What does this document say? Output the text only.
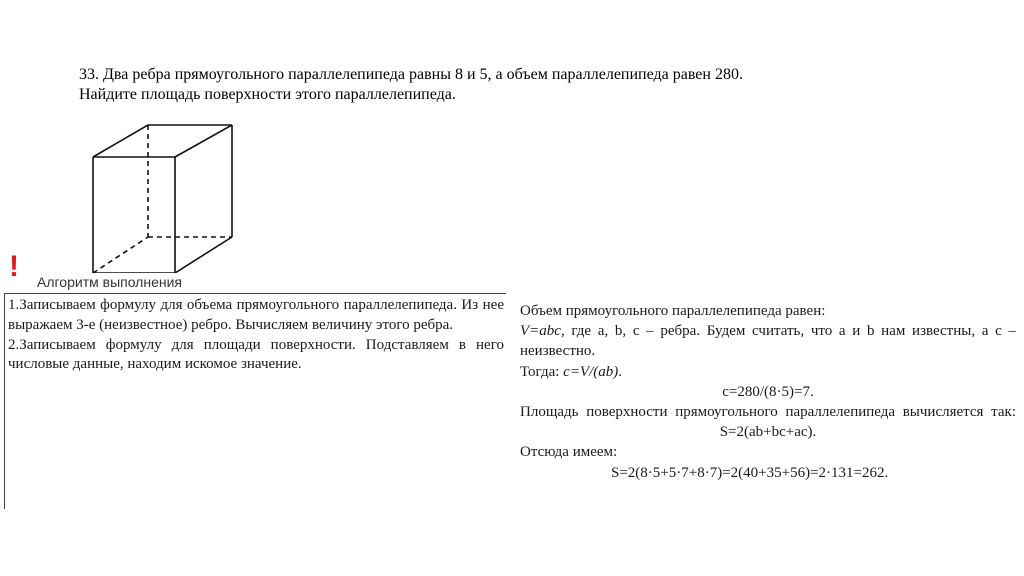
33. Два ребра прямоугольного параллелепипеда равны 8 и 5, а объем параллелепипеда равен 280.
Найдите площадь поверхности этого параллелепипеда.
! Алгоритм выполнения

1.Записываем формулу для объема прямоугольного параллелепипеда. Из нее выражаем 3-е (неизвестное) ребро. Вычисляем величину этого ребра.

2.Записываем формулу для площади поверхности. Подставляем в него числовые данные, находим искомое значение.

Объем прямоугольного параллелепипеда равен:

V=abc, где a, b, c – ребра. Будем считать, что a и b нам известны, а c – неизвестно.

Тогда: c=V/(ab).

c=280/(8·5)=7.

Площадь поверхности прямоугольного параллелепипеда вычисляется так:

S=2(ab+bc+ac).

Отсюда имеем:

S=2(8·5+5·7+8·7)=2(40+35+56)=2·131=262.
